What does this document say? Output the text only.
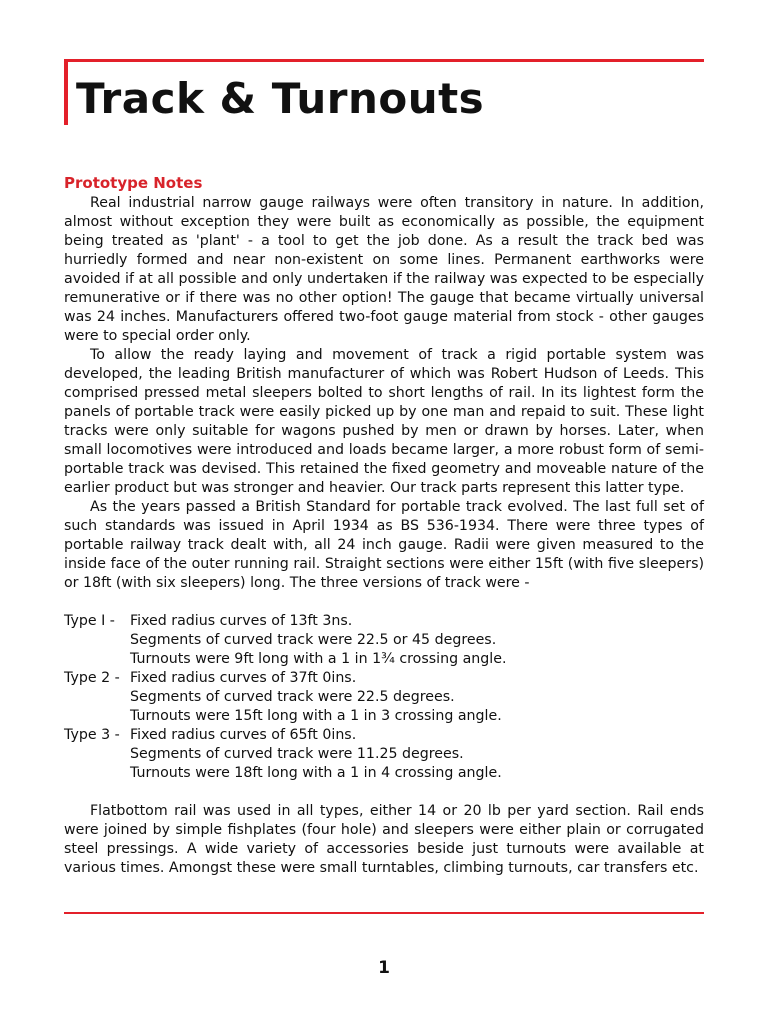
Track & Turnouts
Prototype Notes

Real industrial narrow gauge railways were often transitory in nature. In addition, almost without exception they were built as economically as possible, the equipment being treated as 'plant' - a tool to get the job done. As a result the track bed was hurriedly formed and near non-existent on some lines. Permanent earthworks were avoided if at all possible and only undertaken if the railway was expected to be especially remunerative or if there was no other option! The gauge that became virtually universal was 24 inches. Manufacturers offered two-foot gauge material from stock - other gauges were to special order only.

To allow the ready laying and movement of track a rigid portable system was developed, the leading British manufacturer of which was Robert Hudson of Leeds. This comprised pressed metal sleepers bolted to short lengths of rail. In its lightest form the panels of portable track were easily picked up by one man and repaid to suit. These light tracks were only suitable for wagons pushed by men or drawn by horses. Later, when small locomotives were introduced and loads became larger, a more robust form of semi-portable track was devised. This retained the fixed geometry and moveable nature of the earlier product but was stronger and heavier. Our track parts represent this latter type.

As the years passed a British Standard for portable track evolved. The last full set of such standards was issued in April 1934 as BS 536-1934. There were three types of portable railway track dealt with, all 24 inch gauge. Radii were given measured to the inside face of the outer running rail. Straight sections were either 15ft (with five sleepers) or 18ft (with six sleepers) long. The three versions of track were -

Type I -	Fixed radius curves of 13ft 3ns.
Segments of curved track were 22.5 or 45 degrees.
Turnouts were 9ft long with a 1 in 1¾ crossing angle.
Type 2 - Fixed radius curves of 37ft 0ins.
Segments of curved track were 22.5 degrees.
Turnouts were 15ft long with a 1 in 3 crossing angle.
Type 3 - Fixed radius curves of 65ft 0ins.
Segments of curved track were 11.25 degrees.
Turnouts were 18ft long with a 1 in 4 crossing angle.

Flatbottom rail was used in all types, either 14 or 20 lb per yard section. Rail ends were joined by simple fishplates (four hole) and sleepers were either plain or corrugated steel pressings. A wide variety of accessories beside just turnouts were available at various times. Amongst these were small turntables, climbing turnouts, car transfers etc.

1
